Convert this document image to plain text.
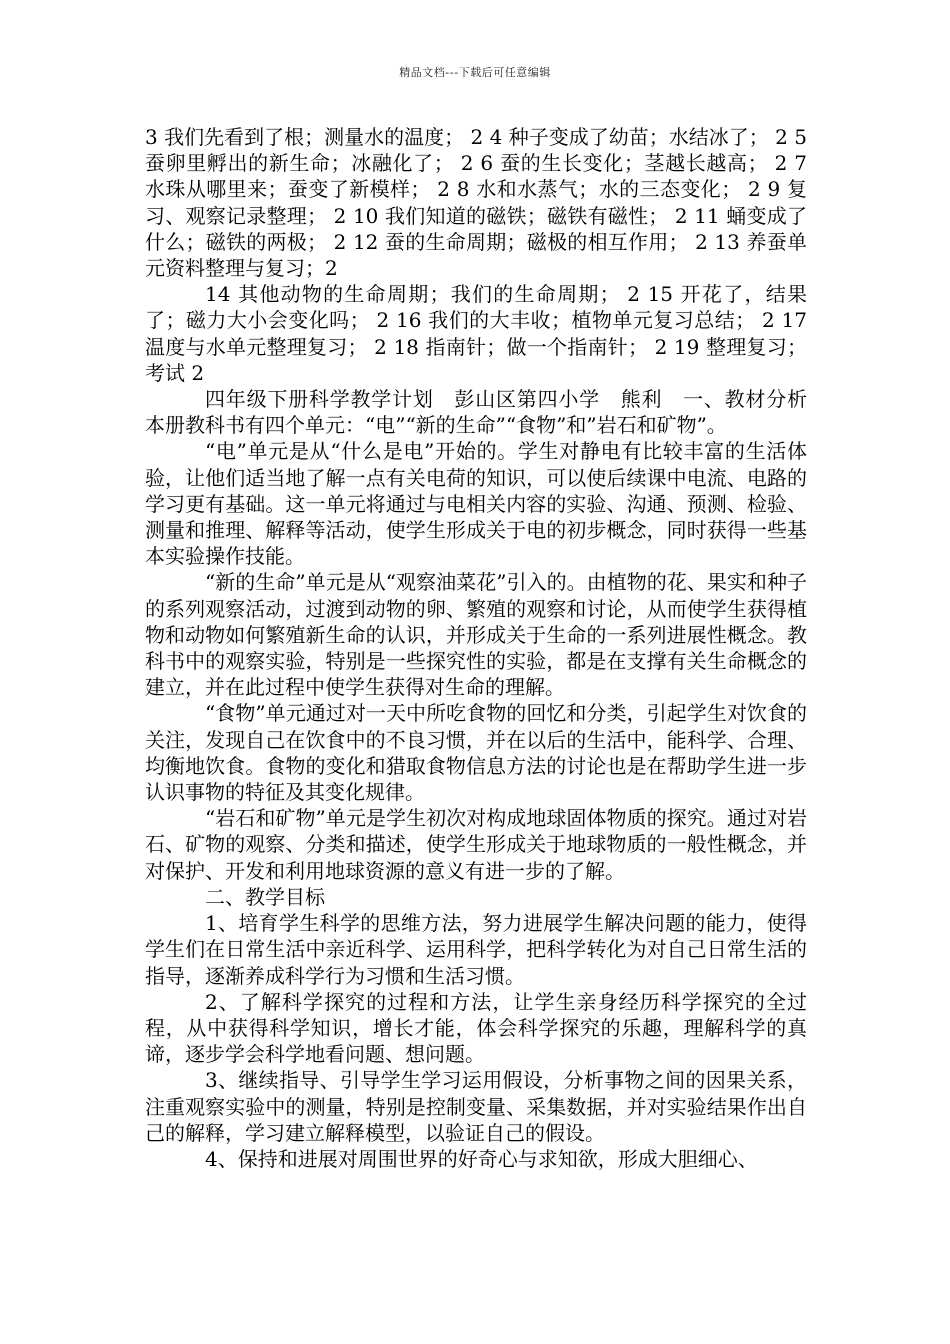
精品文档---下载后可任意编辑

3 我们先看到了根；测量水的温度； 2 4 种子变成了幼苗；水结冰了； 2 5 蚕卵里孵出的新生命；冰融化了； 2 6 蚕的生长变化；茎越长越高； 2 7 水珠从哪里来；蚕变了新模样； 2 8 水和水蒸气；水的三态变化； 2 9 复习、观察记录整理； 2 10 我们知道的磁铁；磁铁有磁性； 2 11 蛹变成了什么；磁铁的两极； 2 12 蚕的生命周期；磁极的相互作用； 2 13 养蚕单元资料整理与复习；2

14 其他动物的生命周期；我们的生命周期； 2 15 开花了，结果了；磁力大小会变化吗； 2 16 我们的大丰收；植物单元复习总结； 2 17 温度与水单元整理复习； 2 18 指南针；做一个指南针； 2 19 整理复习；考试 2

四年级下册科学教学计划　彭山区第四小学　熊利　一、教材分析　　本册教科书有四个单元：“电”“新的生命”“食物”和”岩石和矿物”。

“电”单元是从“什么是电”开始的。学生对静电有比较丰富的生活体验，让他们适当地了解一点有关电荷的知识，可以使后续课中电流、电路的学习更有基础。这一单元将通过与电相关内容的实验、沟通、预测、检验、测量和推理、解释等活动，使学生形成关于电的初步概念，同时获得一些基本实验操作技能。

“新的生命”单元是从“观察油菜花”引入的。由植物的花、果实和种子的系列观察活动，过渡到动物的卵、繁殖的观察和讨论，从而使学生获得植物和动物如何繁殖新生命的认识，并形成关于生命的一系列进展性概念。教科书中的观察实验，特别是一些探究性的实验，都是在支撑有关生命概念的建立，并在此过程中使学生获得对生命的理解。

“食物”单元通过对一天中所吃食物的回忆和分类，引起学生对饮食的关注，发现自己在饮食中的不良习惯，并在以后的生活中，能科学、合理、均衡地饮食。食物的变化和猎取食物信息方法的讨论也是在帮助学生进一步认识事物的特征及其变化规律。

“岩石和矿物”单元是学生初次对构成地球固体物质的探究。通过对岩石、矿物的观察、分类和描述，使学生形成关于地球物质的一般性概念，并对保护、开发和利用地球资源的意义有进一步的了解。

二、教学目标

1、培育学生科学的思维方法，努力进展学生解决问题的能力，使得学生们在日常生活中亲近科学、运用科学，把科学转化为对自己日常生活的指导，逐渐养成科学行为习惯和生活习惯。

2、了解科学探究的过程和方法，让学生亲身经历科学探究的全过程，从中获得科学知识，增长才能，体会科学探究的乐趣，理解科学的真谛，逐步学会科学地看问题、想问题。

3、继续指导、引导学生学习运用假设，分析事物之间的因果关系，注重观察实验中的测量，特别是控制变量、采集数据，并对实验结果作出自己的解释，学习建立解释模型，以验证自己的假设。

4、保持和进展对周围世界的好奇心与求知欲，形成大胆细心、
